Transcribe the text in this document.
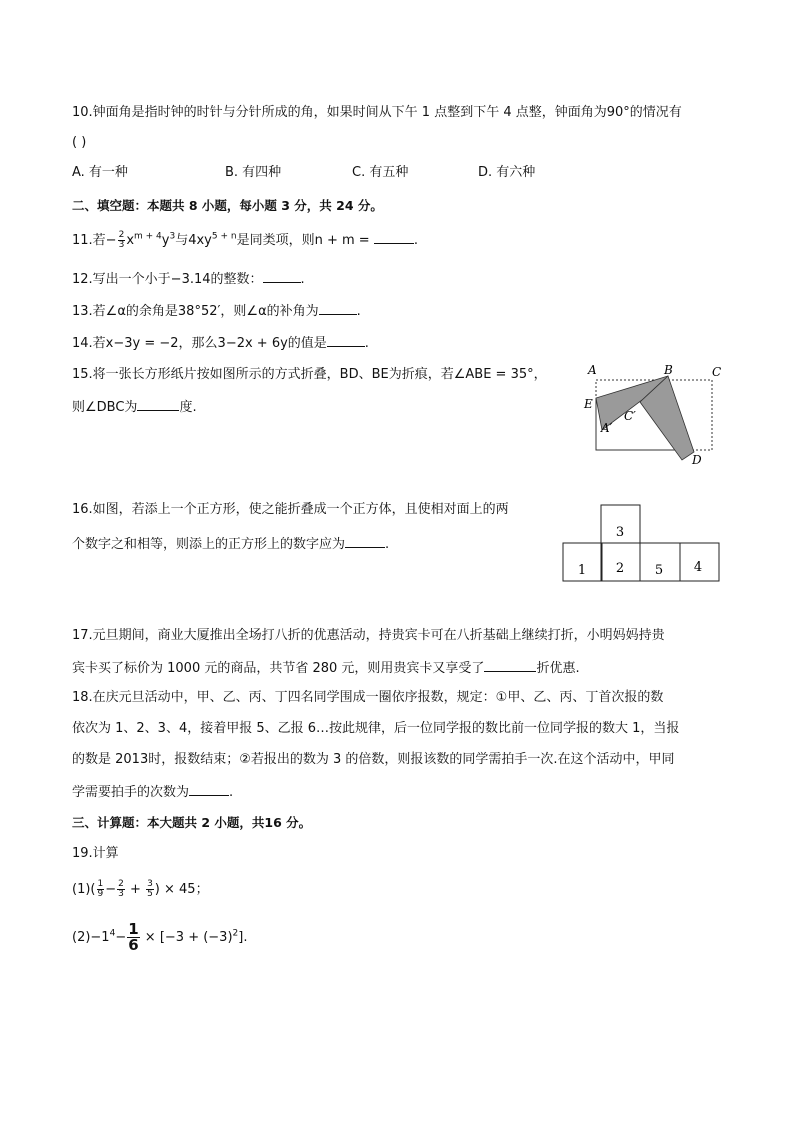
10.钟面角是指时钟的时针与分针所成的角，如果时间从下午 1 点整到下午 4 点整，钟面角为90°的情况有
( )
A. 有一种	B. 有四种	C. 有五种	D. 有六种
二、填空题：本题共 8 小题，每小题 3 分，共 24 分。
11.若− $\frac{2}{3} x^{m + 4}y^3$与$4xy^{5 + n}$是同类项，则n + m =	.
12.写出一个小于−3.14的整数：	.
13.若∠α的余角是38°52′，则∠α的补角为	.
14.若x−3y = −2，那么3−2x + 6y的值是	.
15.将一张长方形纸片按如图所示的方式折叠，BD、BE为折痕，若∠ABE = 35°，
则∠DBC为	度.
A	B	C
E
A′
C′
D
16.如图，若添上一个正方形，使之能折叠成一个正方体，且使相对面上的两
个数字之和相等，则添上的正方形上的数字应为	.
3
1 2 5 4
17.元旦期间，商业大厦推出全场打八折的优惠活动，持贵宾卡可在八折基础上继续打折，小明妈妈持贵
宾卡买了标价为 1000 元的商品，共节省 280 元，则用贵宾卡又享受了	折优惠.
18.在庆元旦活动中，甲、乙、丙、丁四名同学围成一圈依序报数，规定：①甲、乙、丙、丁首次报的数
依次为 1、2、3、4，接着甲报 5、乙报 6…按此规律，后一位同学报的数比前一位同学报的数大 1，当报
的数是 2013时，报数结束；②若报出的数为 3 的倍数，则报该数的同学需拍手一次.在这个活动中，甲同
学需要拍手的次数为	.
三、计算题：本大题共 2 小题，共16 分。
19.计算
$(1)( \frac{1}{9} - \frac{2}{3} + \frac{3}{5}$ ) × 45；
$(2)-1^4- \frac{1}{6} \times [-3 + (-3)^2]$.
